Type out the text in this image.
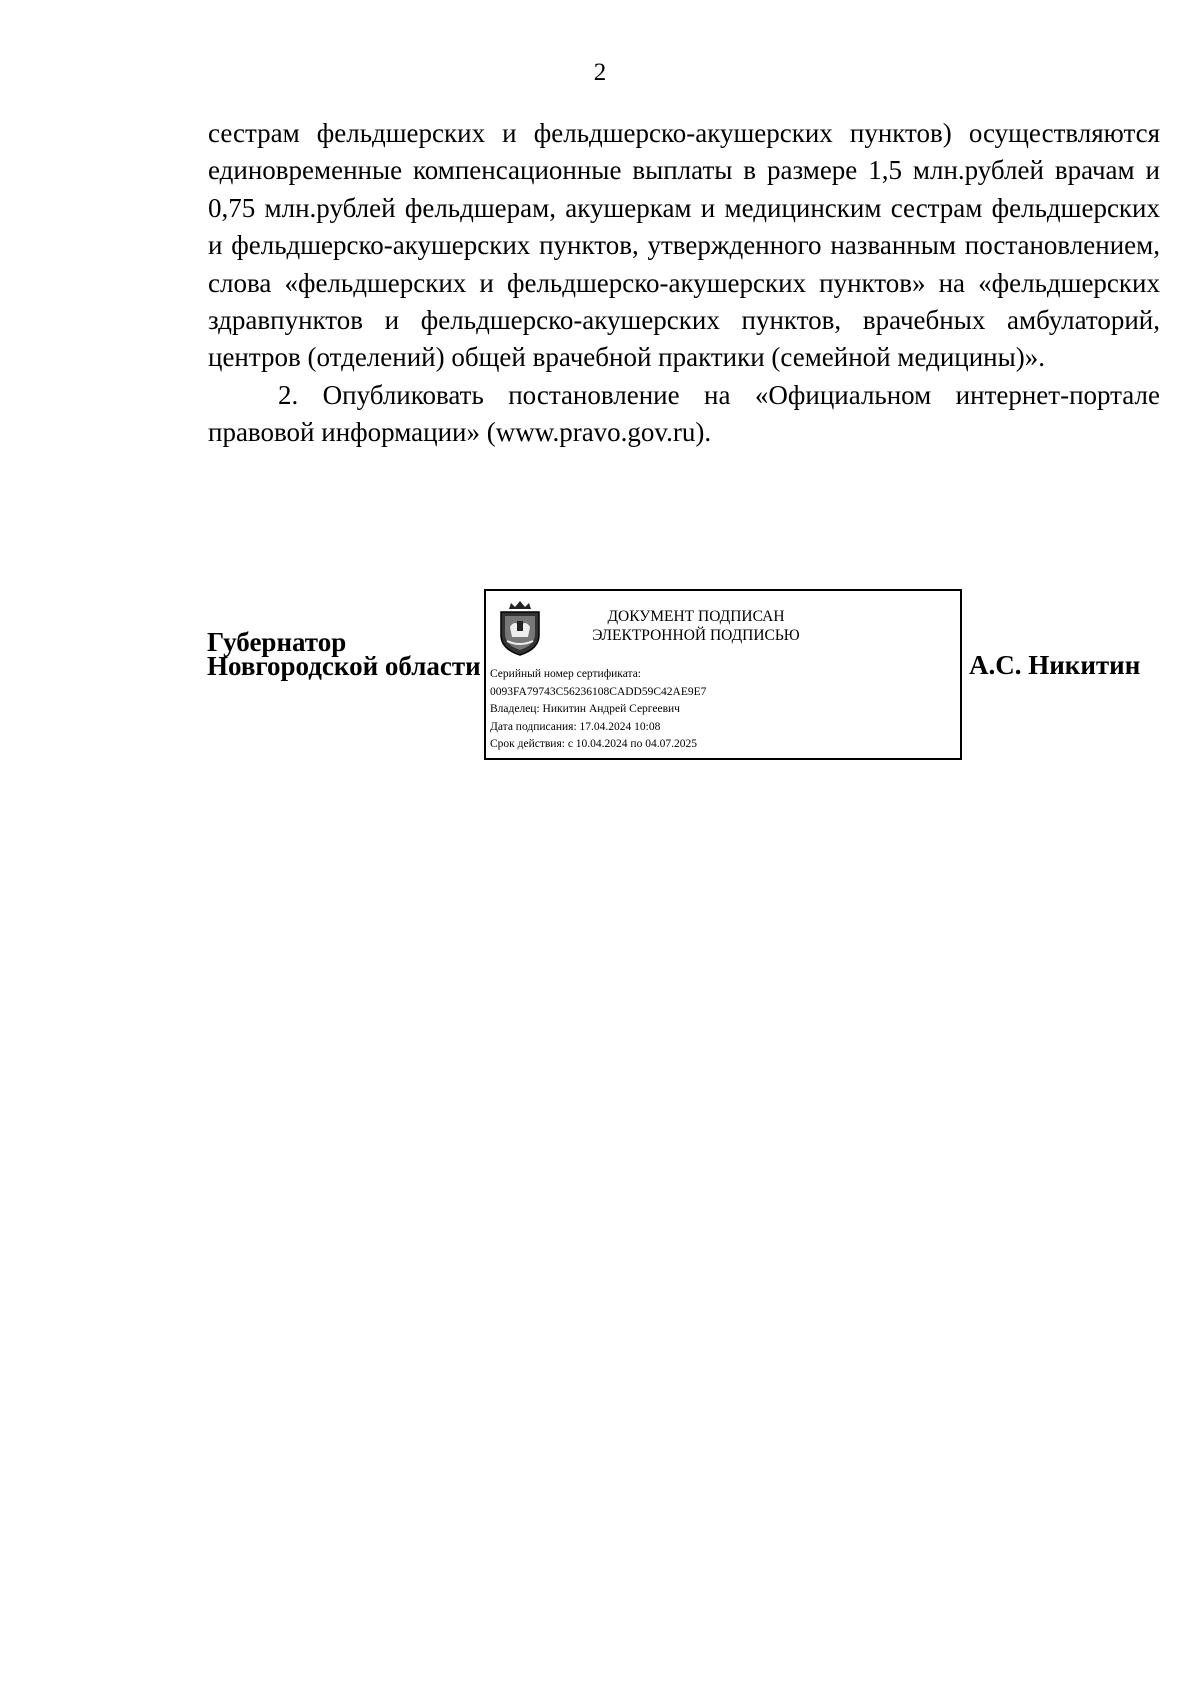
2

сестрам фельдшерских и фельдшерско-акушерских пунктов) осуществляются единовременные компенсационные выплаты в размере 1,5 млн.рублей врачам и 0,75 млн.рублей фельдшерам, акушеркам и медицинским сестрам фельдшерских и фельдшерско-акушерских пунктов, утвержденного названным постановлением, слова «фельдшерских и фельдшерско-акушерских пунктов» на «фельдшерских здравпунктов и фельдшерско-акушерских пунктов, врачебных амбулаторий, центров (отделений) общей врачебной практики (семейной медицины)».

2. Опубликовать постановление на «Официальном интернет-портале правовой информации» (www.pravo.gov.ru).

Губернатор
Новгородской области
ДОКУМЕНТ ПОДПИСАН
ЭЛЕКТРОННОЙ ПОДПИСЬЮ
Серийный номер сертификата:
0093FA79743C56236108CADD59C42AE9E7
Владелец: Никитин Андрей Сергеевич
Дата подписания: 17.04.2024 10:08
Срок действия: с 10.04.2024 по 04.07.2025
А.С. Никитин
